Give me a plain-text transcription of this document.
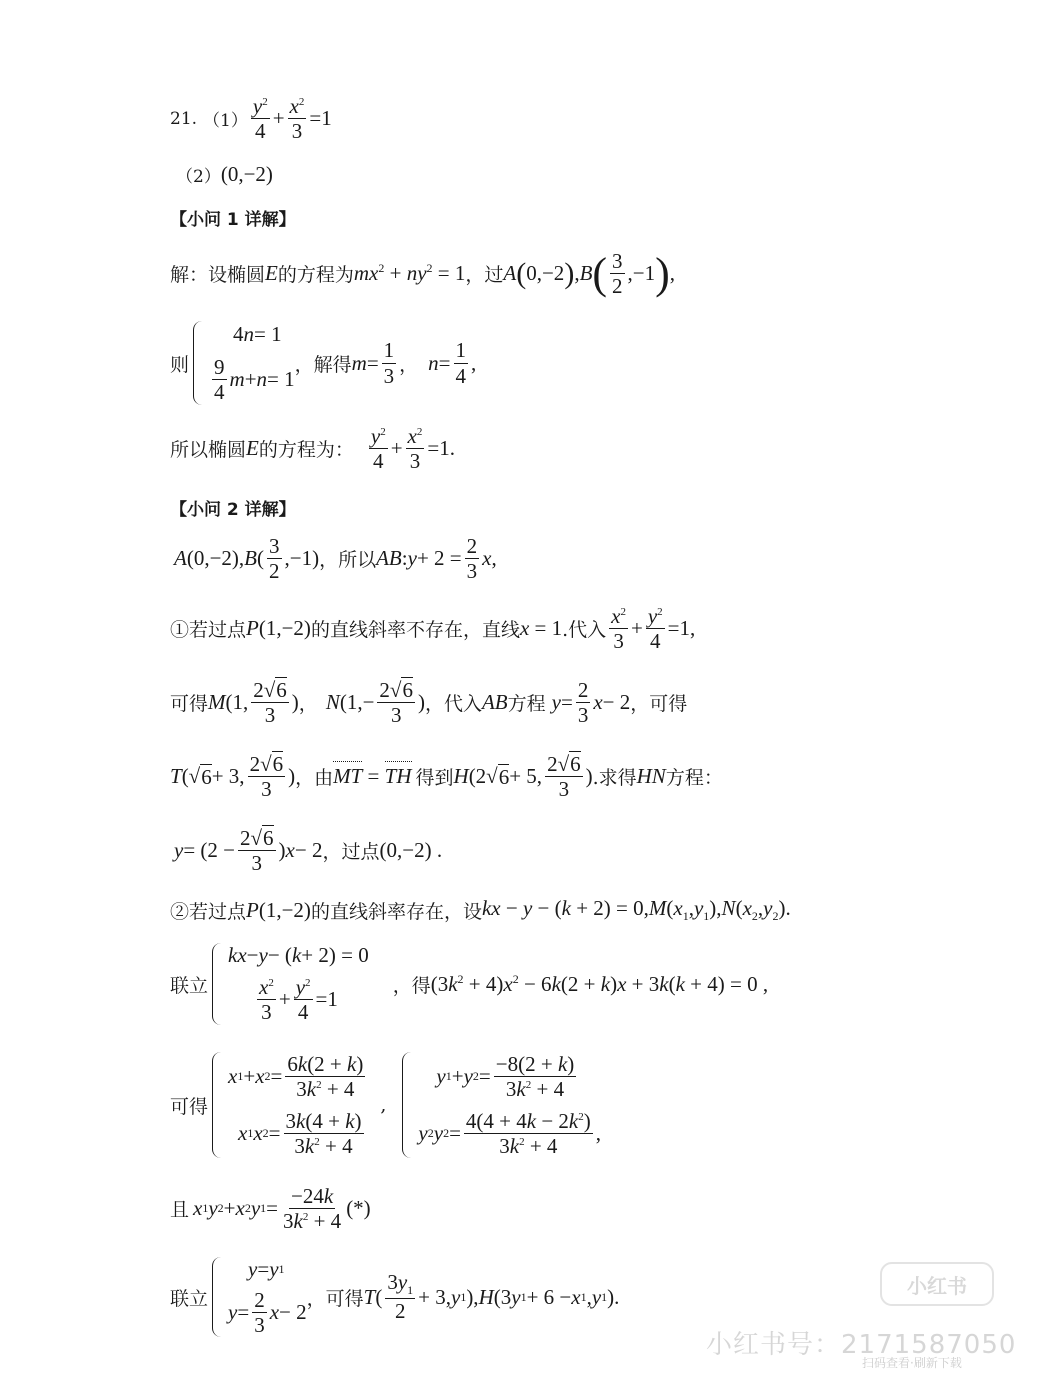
21. $(1) \frac{y^2}{4} + \frac{x^2}{3} =1$
（2） (0,−2)
【小问 1 详解】
解：设椭圆 E 的方程为 $mx^2 + ny^2 = 1$ ，过 A ( 0,−2 ) , B ( $\frac{3}{2} ,-1$ ) ,
则
4 n = 1
$\frac{9}{4}$ m + n = 1
，解得 $m = \frac{1}{3}$ ， $n = \frac{1}{4}$ ,
所以椭圆 E 的方程为： $\frac{y^2}{4} + \frac{x^2}{3} =1$.
【小问 2 详解】
A (0,−2), B ( $\frac{3}{2} ,-1$) ，所以 AB : $y + 2 = \frac{2}{3}$ x ,
①若过点 P(1,−2) 的直线斜率不存在，直线 x = 1 .代入 $\frac{x^2}{3} + \frac{y^2}{4} =1$,
可得 M (1, $\frac{2√6}{3}$ ) ， N ($1,- \frac{2√6}{3}$ ) ，代入 AB 方程 $y = \frac{2}{3}$ x − 2 ，可得
T (√ 6 + 3, $\frac{2√6}{3}$ ) ，由 MT = TH 得到 H (2√ 6 + 5, $\frac{2√6}{3}$ ) .求得 HN 方程：
$y = (2 - \frac{2√6}{3}$ ) x − 2 ，过点 (0,−2) .
②若过点 P(1,−2) 的直线斜率存在，设 kx − $y - (k + 2) = 0,M(x_1,y_1),N(x_2,y_2)$.
联立
kx − y − ( k + 2) = 0
$\frac{x^2}{3} + \frac{y^2}{4} =1$
，得 $(3k^2 + 4)x^2 - 6k(2 + k)x + 3k(k + 4) = 0$ ,
可得
x 1 + x $2 = \frac{6k(2 + k)}{3k^2 + 4}$
x 1 x $2 = \frac{3k(4 + k)}{3k^2 + 4}$
,
y 1 + y $2 = \frac{-8(2 + k)}{3k^2 + 4}$
y 2 y $2 = \frac{4(4 + 4k - 2k^2)}{3k^2 + 4}$ ,
且 x 1 y 2 + x 2 y $1 = \frac{-24k}{3k^2 + 4}$ (*)
联立
y = y 1
$y = \frac{2}{3}$ x − 2
，可得 T ( $\frac{3y_1}{2} + 3$, y 1 ), H (3 y 1 + 6 − x 1 , y 1 ).	小红书
小红书号：2171587050
扫码查看·刷新下载
